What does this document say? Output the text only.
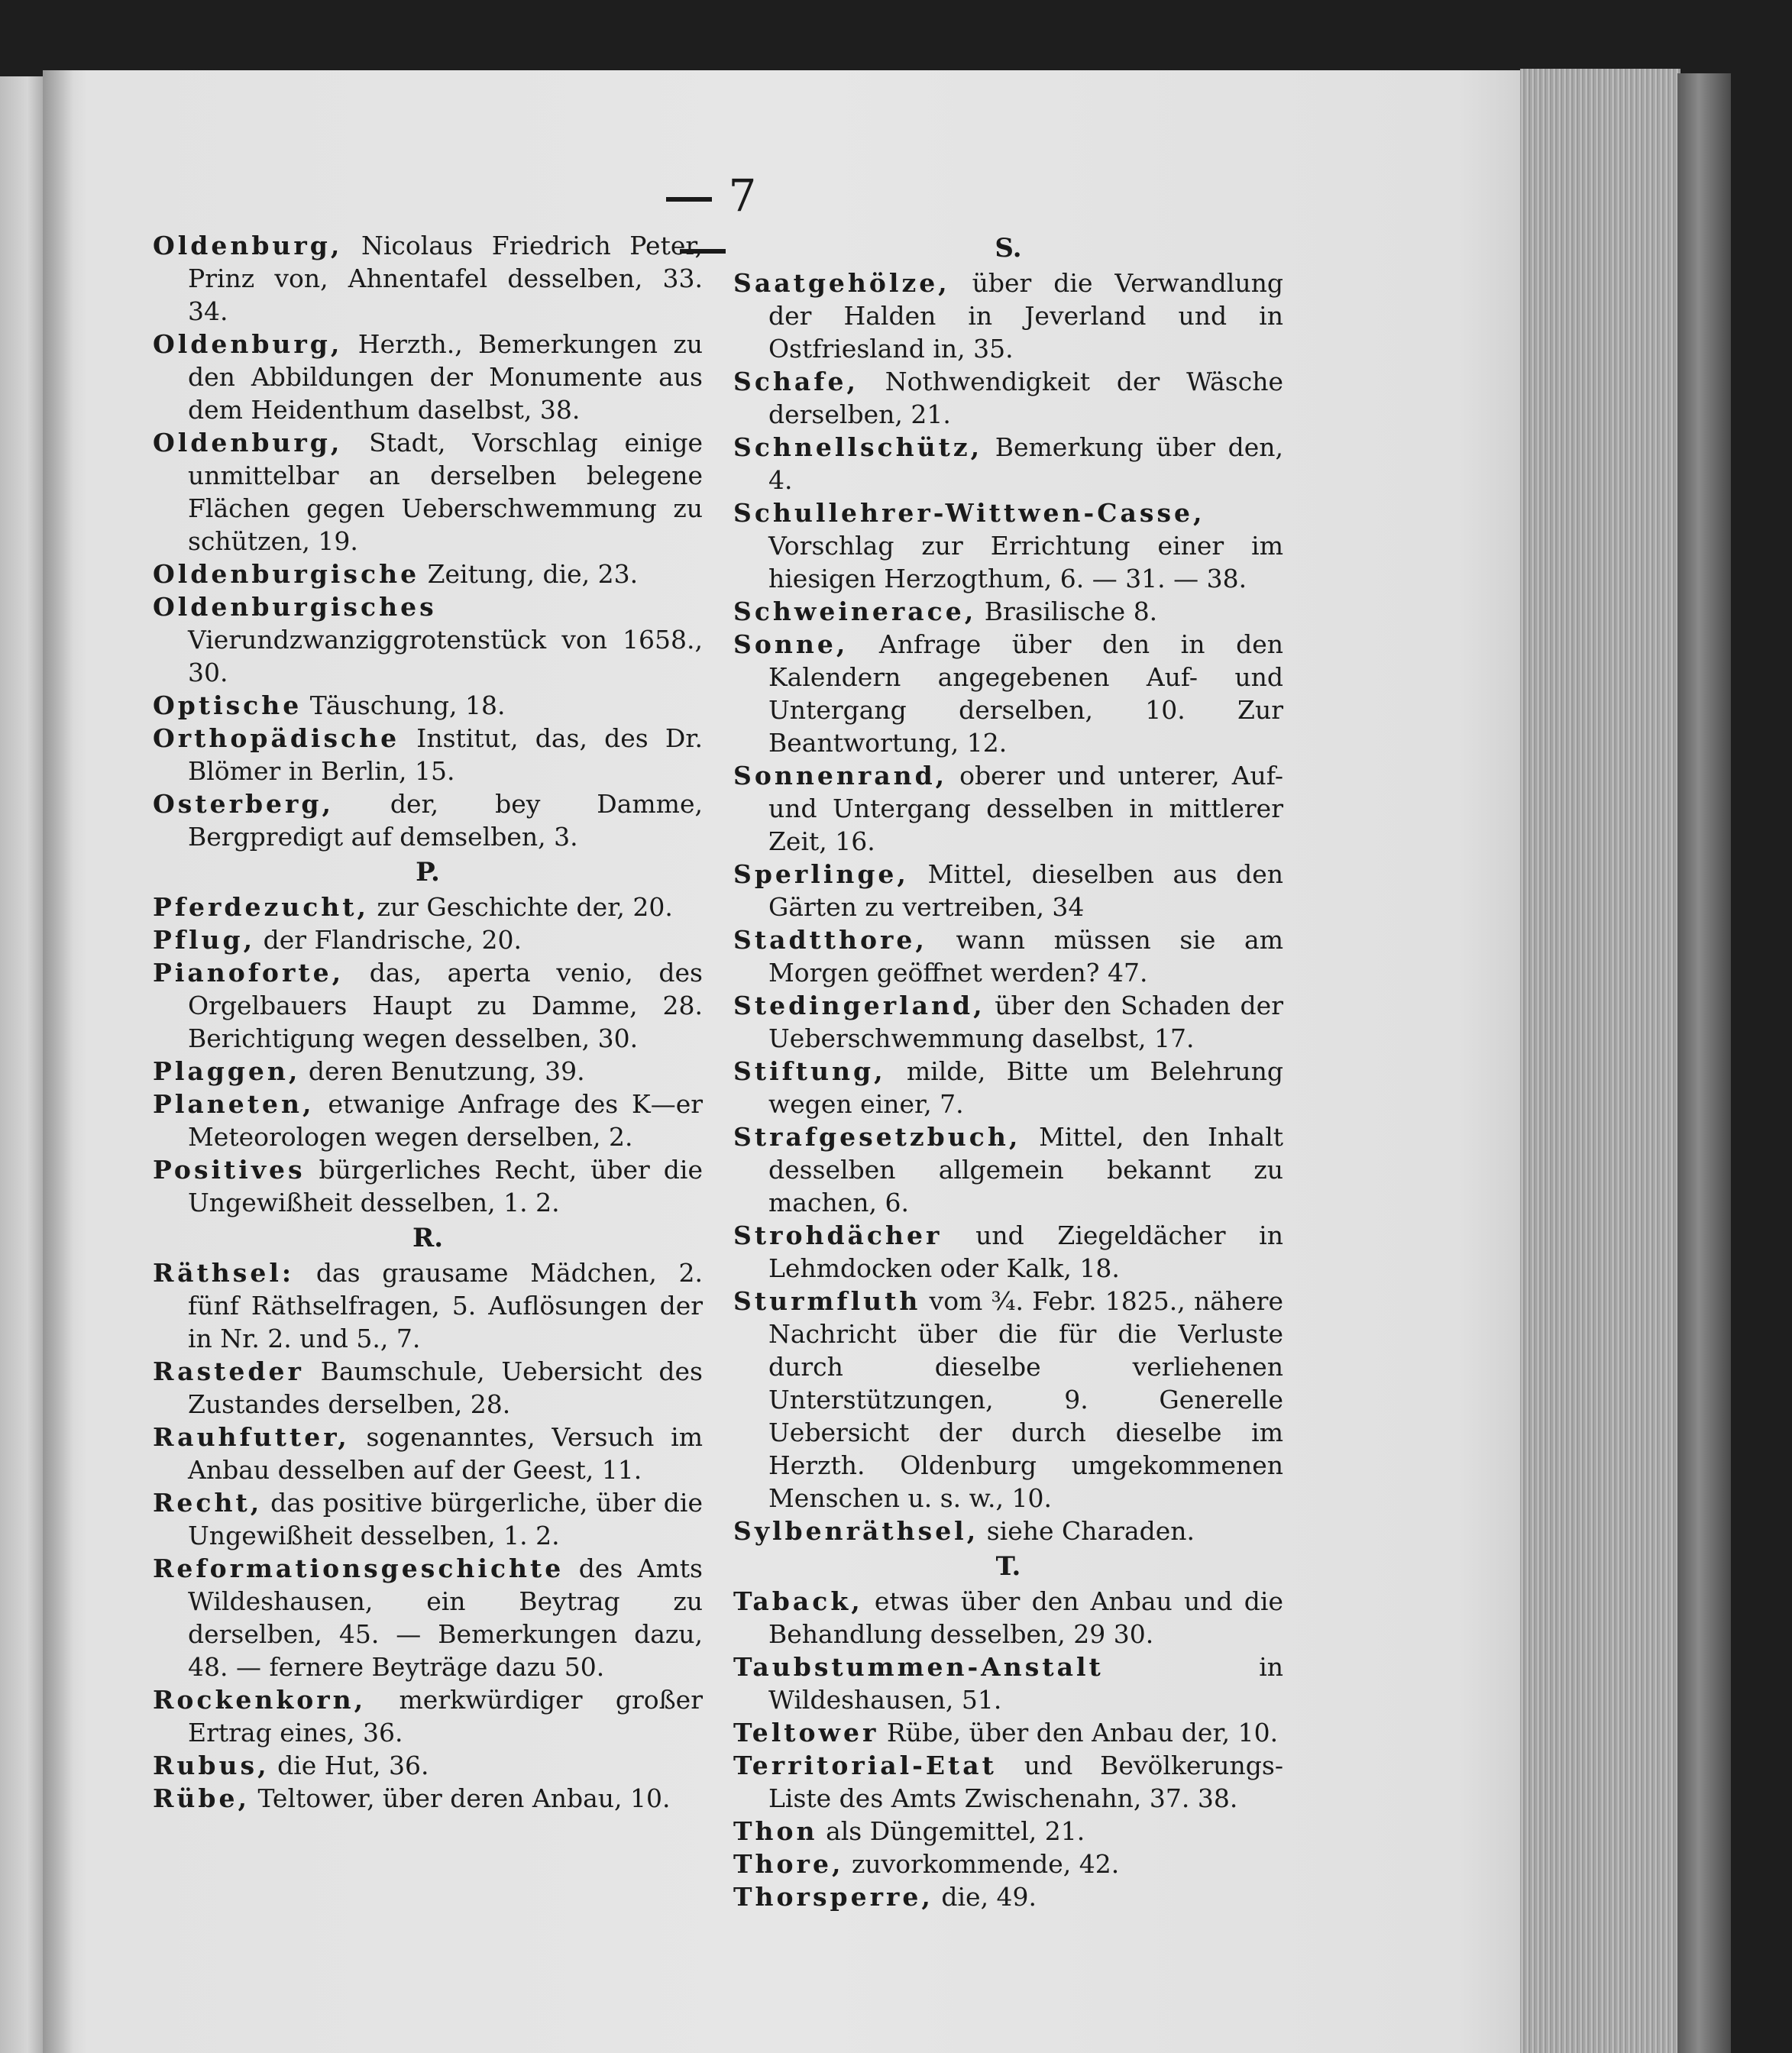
7
Oldenburg, Nicolaus Friedrich Peter, Prinz von, Ahnentafel desselben, 33. 34.
Oldenburg, Herzth., Bemerkungen zu den Abbildungen der Monumente aus dem Heidenthum daselbst, 38.
Oldenburg, Stadt, Vorschlag einige unmittelbar an derselben belegene Flächen gegen Ueberschwemmung zu schützen, 19.
Oldenburgische Zeitung, die, 23.
Oldenburgisches Vierundzwanziggrotenstück von 1658., 30.
Optische Täuschung, 18.
Orthopädische Institut, das, des Dr. Blömer in Berlin, 15.
Osterberg, der, bey Damme, Bergpredigt auf demselben, 3.
P.
Pferdezucht, zur Geschichte der, 20.
Pflug, der Flandrische, 20.
Pianoforte, das, aperta venio, des Orgelbauers Haupt zu Damme, 28. Berichtigung wegen desselben, 30.
Plaggen, deren Benutzung, 39.
Planeten, etwanige Anfrage des K—er Meteorologen wegen derselben, 2.
Positives bürgerliches Recht, über die Ungewißheit desselben, 1. 2.
R.
Räthsel: das grausame Mädchen, 2. fünf Räthselfragen, 5. Auflösungen der in Nr. 2. und 5., 7.
Rasteder Baumschule, Uebersicht des Zustandes derselben, 28.
Rauhfutter, sogenanntes, Versuch im Anbau desselben auf der Geest, 11.
Recht, das positive bürgerliche, über die Ungewißheit desselben, 1. 2.
Reformationsgeschichte des Amts Wildeshausen, ein Beytrag zu derselben, 45. — Bemerkungen dazu, 48. — fernere Beyträge dazu 50.
Rockenkorn, merkwürdiger großer Ertrag eines, 36.
Rubus, die Hut, 36.
Rübe, Teltower, über deren Anbau, 10.
S.
Saatgehölze, über die Verwandlung der Halden in Jeverland und in Ostfriesland in, 35.
Schafe, Nothwendigkeit der Wäsche derselben, 21.
Schnellschütz, Bemerkung über den, 4.
Schullehrer-Wittwen-Casse, Vorschlag zur Errichtung einer im hiesigen Herzogthum, 6. — 31. — 38.
Schweinerace, Brasilische 8.
Sonne, Anfrage über den in den Kalendern angegebenen Auf- und Untergang derselben, 10. Zur Beantwortung, 12.
Sonnenrand, oberer und unterer, Auf- und Untergang desselben in mittlerer Zeit, 16.
Sperlinge, Mittel, dieselben aus den Gärten zu vertreiben, 34
Stadtthore, wann müssen sie am Morgen geöffnet werden? 47.
Stedingerland, über den Schaden der Ueberschwemmung daselbst, 17.
Stiftung, milde, Bitte um Belehrung wegen einer, 7.
Strafgesetzbuch, Mittel, den Inhalt desselben allgemein bekannt zu machen, 6.
Strohdächer und Ziegeldächer in Lehmdocken oder Kalk, 18.
Sturmfluth vom ¾. Febr. 1825., nähere Nachricht über die für die Verluste durch dieselbe verliehenen Unterstützungen, 9. Generelle Uebersicht der durch dieselbe im Herzth. Oldenburg umgekommenen Menschen u. s. w., 10.
Sylbenräthsel, siehe Charaden.
T.
Taback, etwas über den Anbau und die Behandlung desselben, 29 30.
Taubstummen-Anstalt	in Wildeshausen, 51.
Teltower Rübe, über den Anbau der, 10.
Territorial-Etat und Bevölkerungs-Liste des Amts Zwischenahn, 37. 38.
Thon als Düngemittel, 21.
Thore, zuvorkommende, 42.
Thorsperre, die, 49.
